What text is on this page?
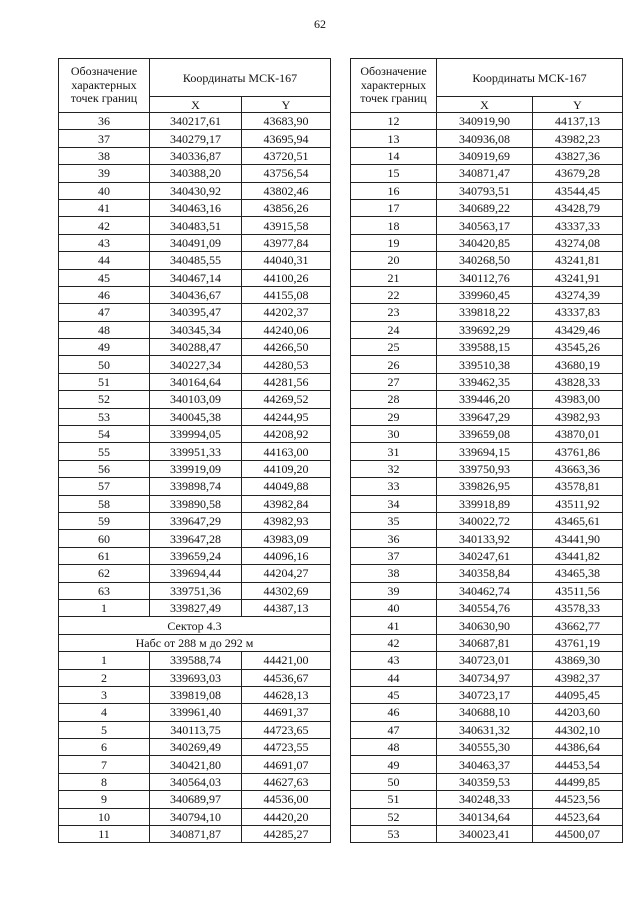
62
Обозначение характерных точек границ	Координаты МСК-167	
	X	Y
36	340217,61	43683,90
37	340279,17	43695,94
38	340336,87	43720,51
39	340388,20	43756,54
40	340430,92	43802,46
41	340463,16	43856,26
42	340483,51	43915,58
43	340491,09	43977,84
44	340485,55	44040,31
45	340467,14	44100,26
46	340436,67	44155,08
47	340395,47	44202,37
48	340345,34	44240,06
49	340288,47	44266,50
50	340227,34	44280,53
51	340164,64	44281,56
52	340103,09	44269,52
53	340045,38	44244,95
54	339994,05	44208,92
55	339951,33	44163,00
56	339919,09	44109,20
57	339898,74	44049,88
58	339890,58	43982,84
59	339647,29	43982,93
60	339647,28	43983,09
61	339659,24	44096,16
62	339694,44	44204,27
63	339751,36	44302,69
1	339827,49	44387,13
Сектор 4.3		
Набс от 288 м до 292 м		
1	339588,74	44421,00
2	339693,03	44536,67
3	339819,08	44628,13
4	339961,40	44691,37
5	340113,75	44723,65
6	340269,49	44723,55
7	340421,80	44691,07
8	340564,03	44627,63
9	340689,97	44536,00
10	340794,10	44420,20
11	340871,87	44285,27
Обозначение характерных точек границ	Координаты МСК-167	
	X	Y
12	340919,90	44137,13
13	340936,08	43982,23
14	340919,69	43827,36
15	340871,47	43679,28
16	340793,51	43544,45
17	340689,22	43428,79
18	340563,17	43337,33
19	340420,85	43274,08
20	340268,50	43241,81
21	340112,76	43241,91
22	339960,45	43274,39
23	339818,22	43337,83
24	339692,29	43429,46
25	339588,15	43545,26
26	339510,38	43680,19
27	339462,35	43828,33
28	339446,20	43983,00
29	339647,29	43982,93
30	339659,08	43870,01
31	339694,15	43761,86
32	339750,93	43663,36
33	339826,95	43578,81
34	339918,89	43511,92
35	340022,72	43465,61
36	340133,92	43441,90
37	340247,61	43441,82
38	340358,84	43465,38
39	340462,74	43511,56
40	340554,76	43578,33
41	340630,90	43662,77
42	340687,81	43761,19
43	340723,01	43869,30
44	340734,97	43982,37
45	340723,17	44095,45
46	340688,10	44203,60
47	340631,32	44302,10
48	340555,30	44386,64
49	340463,37	44453,54
50	340359,53	44499,85
51	340248,33	44523,56
52	340134,64	44523,64
53	340023,41	44500,07
